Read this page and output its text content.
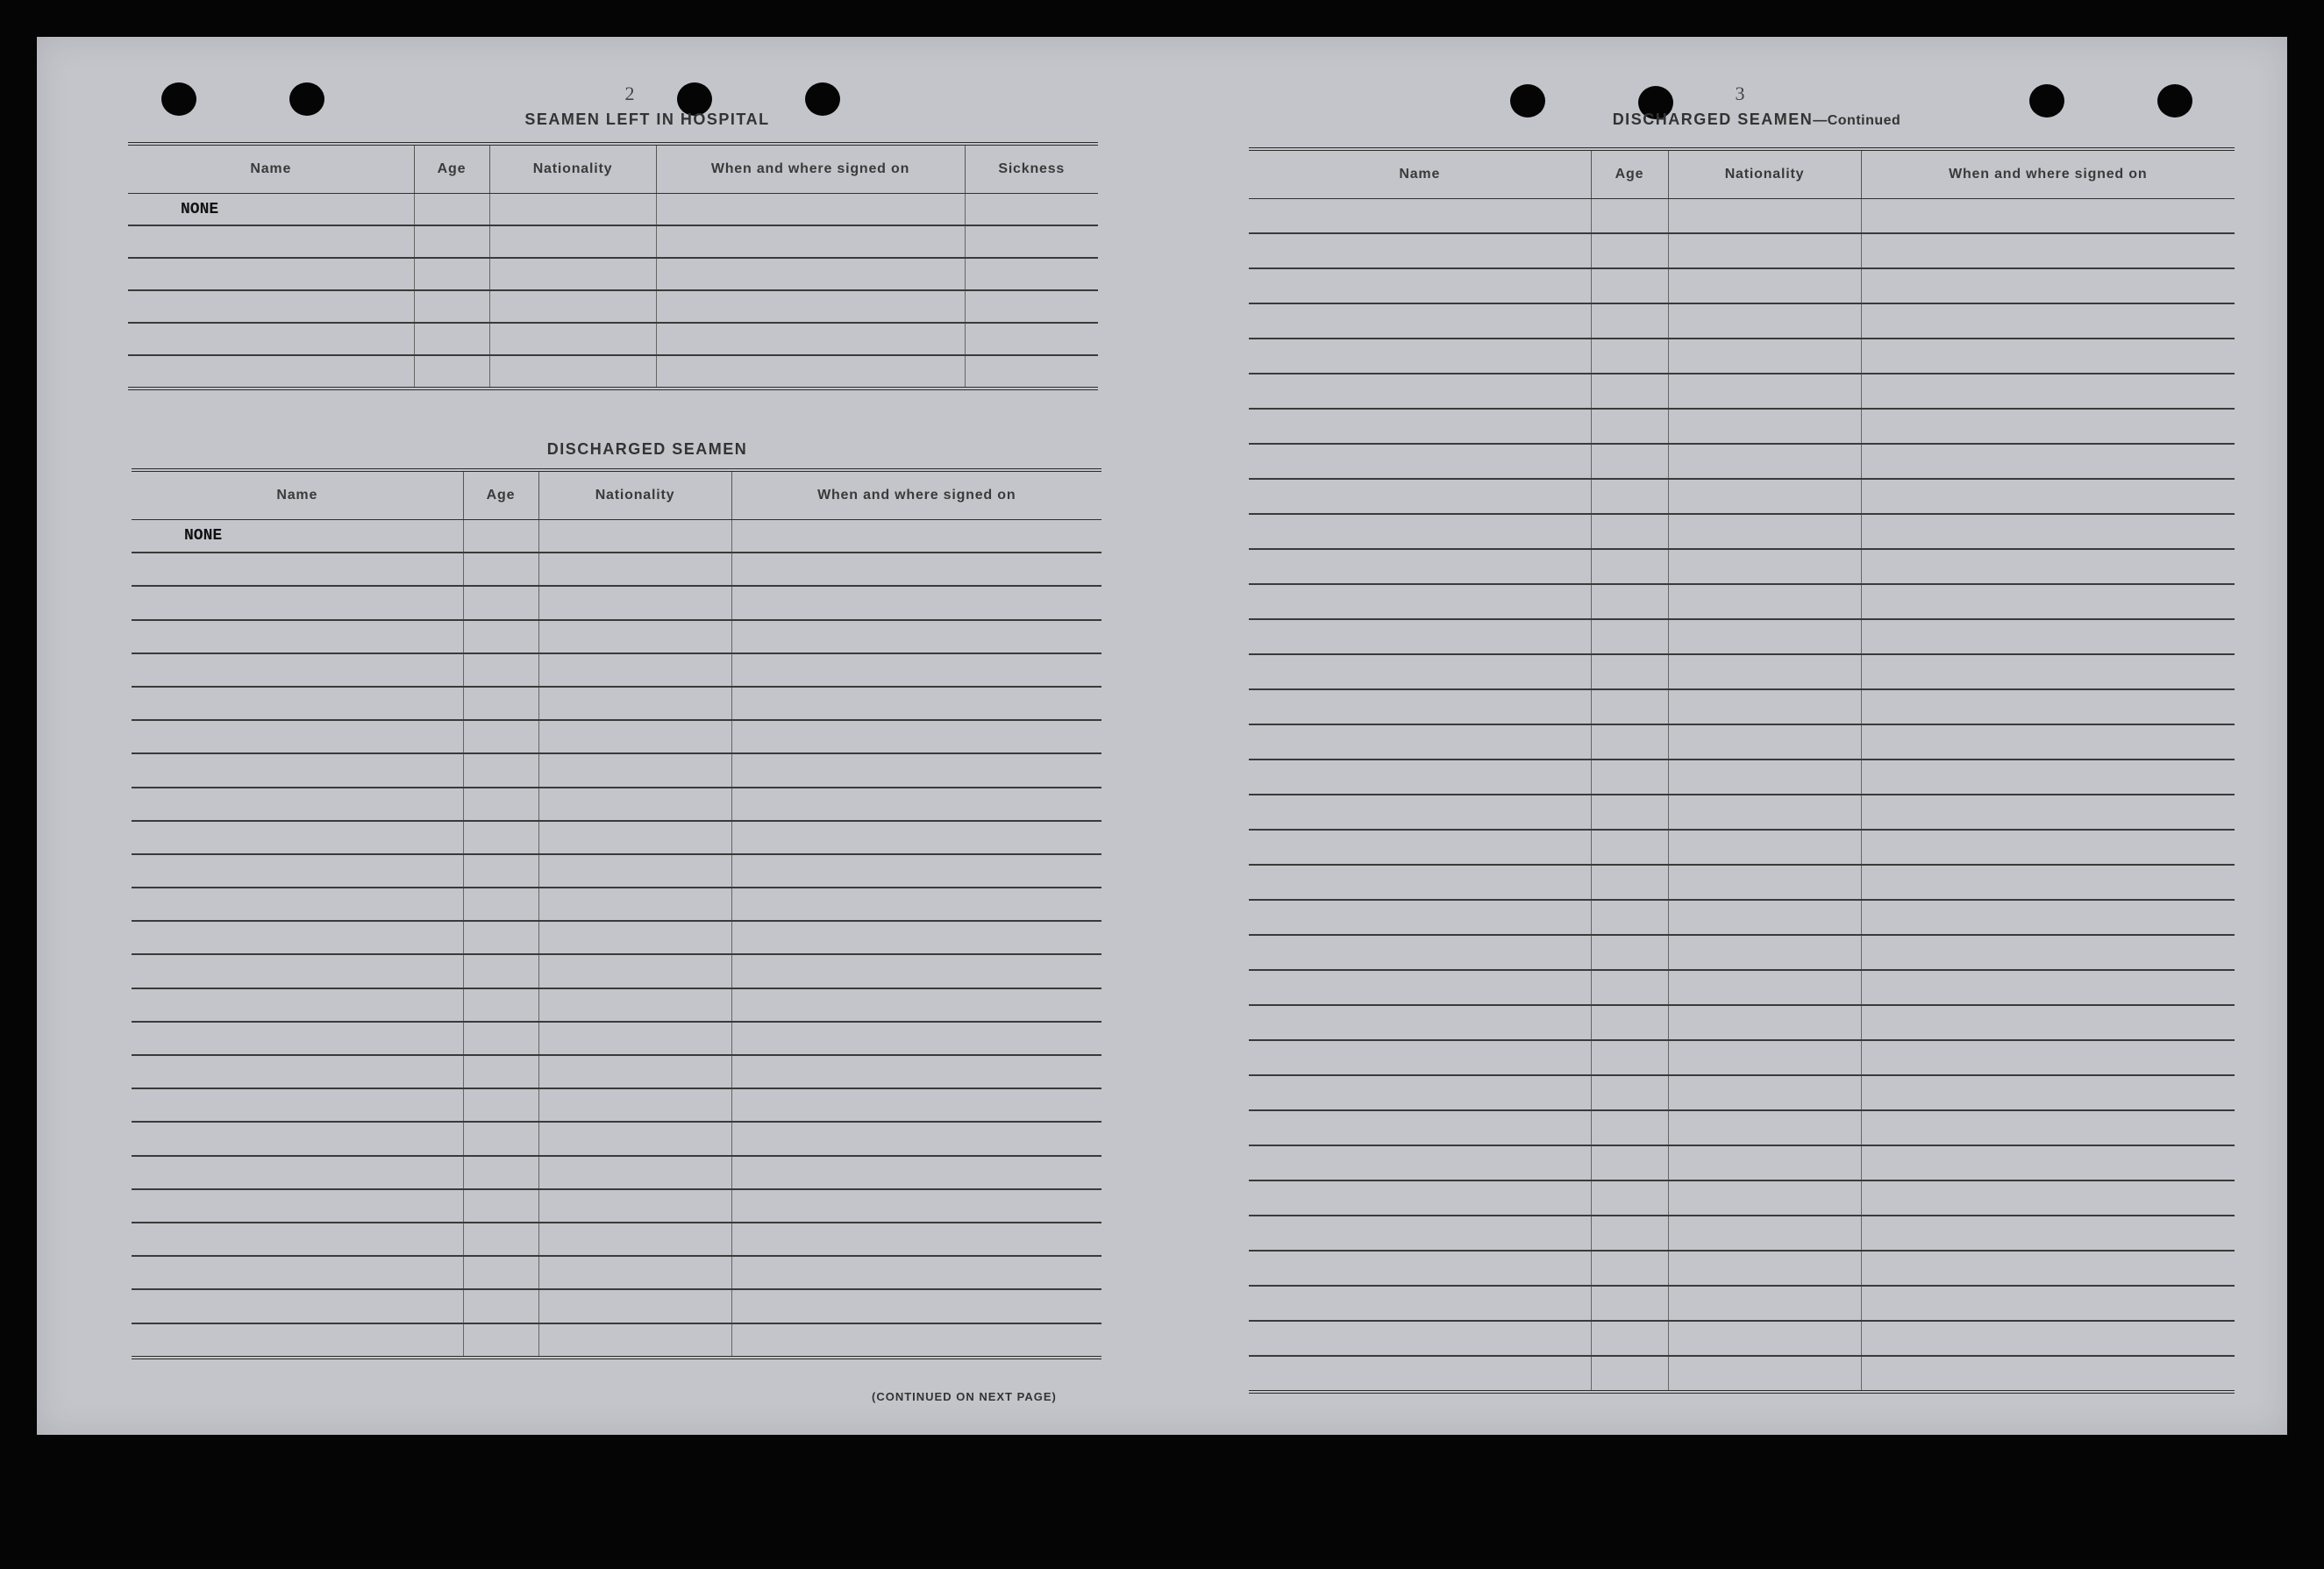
2
SEAMEN LEFT IN HOSPITAL
Name	Age	Nationality	When and where signed on	Sickness
NONE				

DISCHARGED SEAMEN
Name	Age	Nationality	When and where signed on
NONE			

(CONTINUED ON NEXT PAGE)
3
DISCHARGED SEAMEN—Continued
Name	Age	Nationality	When and where signed on
